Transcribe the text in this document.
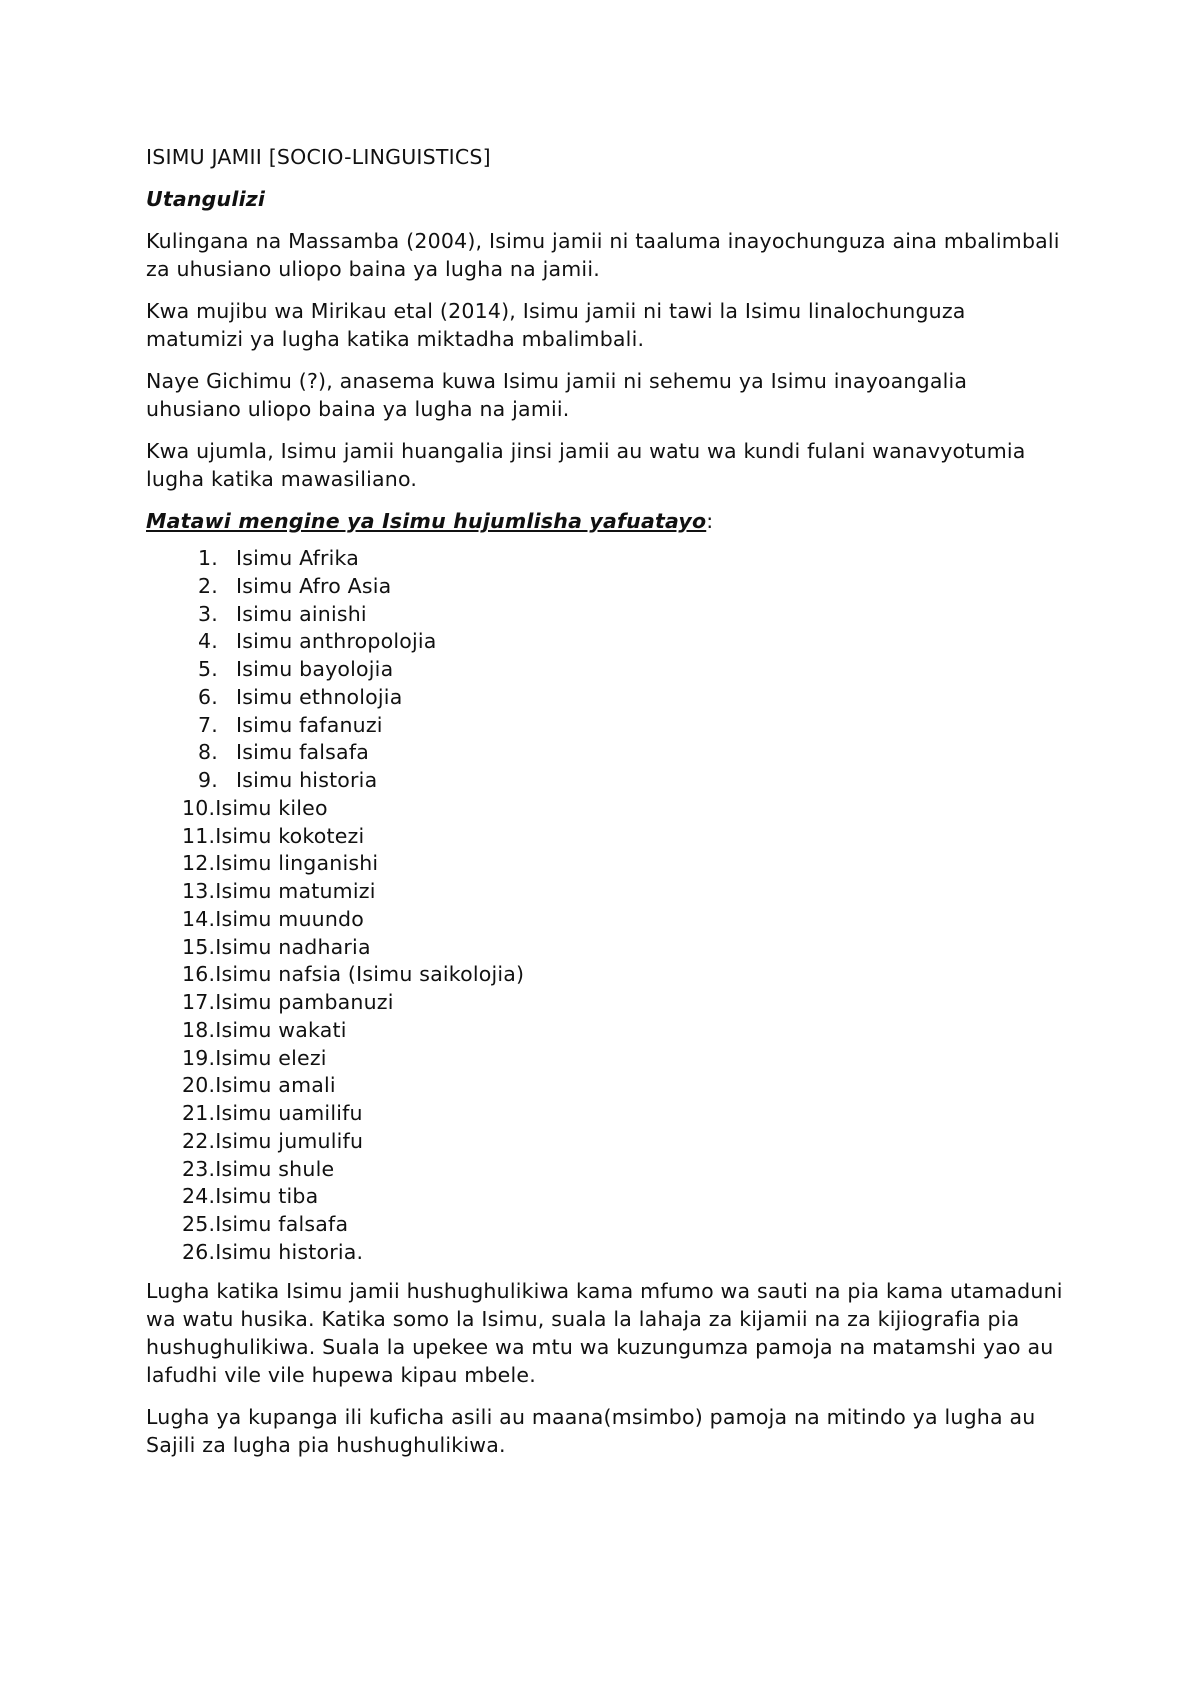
ISIMU JAMII [SOCIO-LINGUISTICS]
Utangulizi
Kulingana na Massamba (2004), Isimu jamii ni taaluma inayochunguza aina mbalimbali za uhusiano uliopo baina ya lugha na jamii.
Kwa mujibu wa Mirikau etal (2014), Isimu jamii ni tawi la Isimu linalochunguza matumizi ya lugha katika miktadha mbalimbali.
Naye Gichimu (?), anasema kuwa Isimu jamii ni sehemu ya Isimu inayoangalia uhusiano uliopo baina ya lugha na jamii.
Kwa ujumla, Isimu jamii huangalia jinsi jamii au watu wa kundi fulani wanavyotumia lugha katika mawasiliano.
Matawi mengine ya Isimu hujumlisha yafuatayo:
1. Isimu Afrika
2. Isimu Afro Asia
3. Isimu ainishi
4. Isimu anthropolojia
5. Isimu bayolojia
6. Isimu ethnolojia
7. Isimu fafanuzi
8. Isimu falsafa
9. Isimu historia
10.Isimu kileo
11.Isimu kokotezi
12.Isimu linganishi
13.Isimu matumizi
14.Isimu muundo
15.Isimu nadharia
16.Isimu nafsia (Isimu saikolojia)
17.Isimu pambanuzi
18.Isimu wakati
19.Isimu elezi
20.Isimu amali
21.Isimu uamilifu
22.Isimu jumulifu
23.Isimu shule
24.Isimu tiba
25.Isimu falsafa
26.Isimu historia.
Lugha katika Isimu jamii hushughulikiwa kama mfumo wa sauti na pia kama utamaduni wa watu husika. Katika somo la Isimu, suala la lahaja za kijamii na za kijiografia pia hushughulikiwa. Suala la upekee wa mtu wa kuzungumza pamoja na matamshi yao au lafudhi vile vile hupewa kipau mbele.
Lugha ya kupanga ili kuficha asili au maana(msimbo) pamoja na mitindo ya lugha au Sajili za lugha pia hushughulikiwa.
